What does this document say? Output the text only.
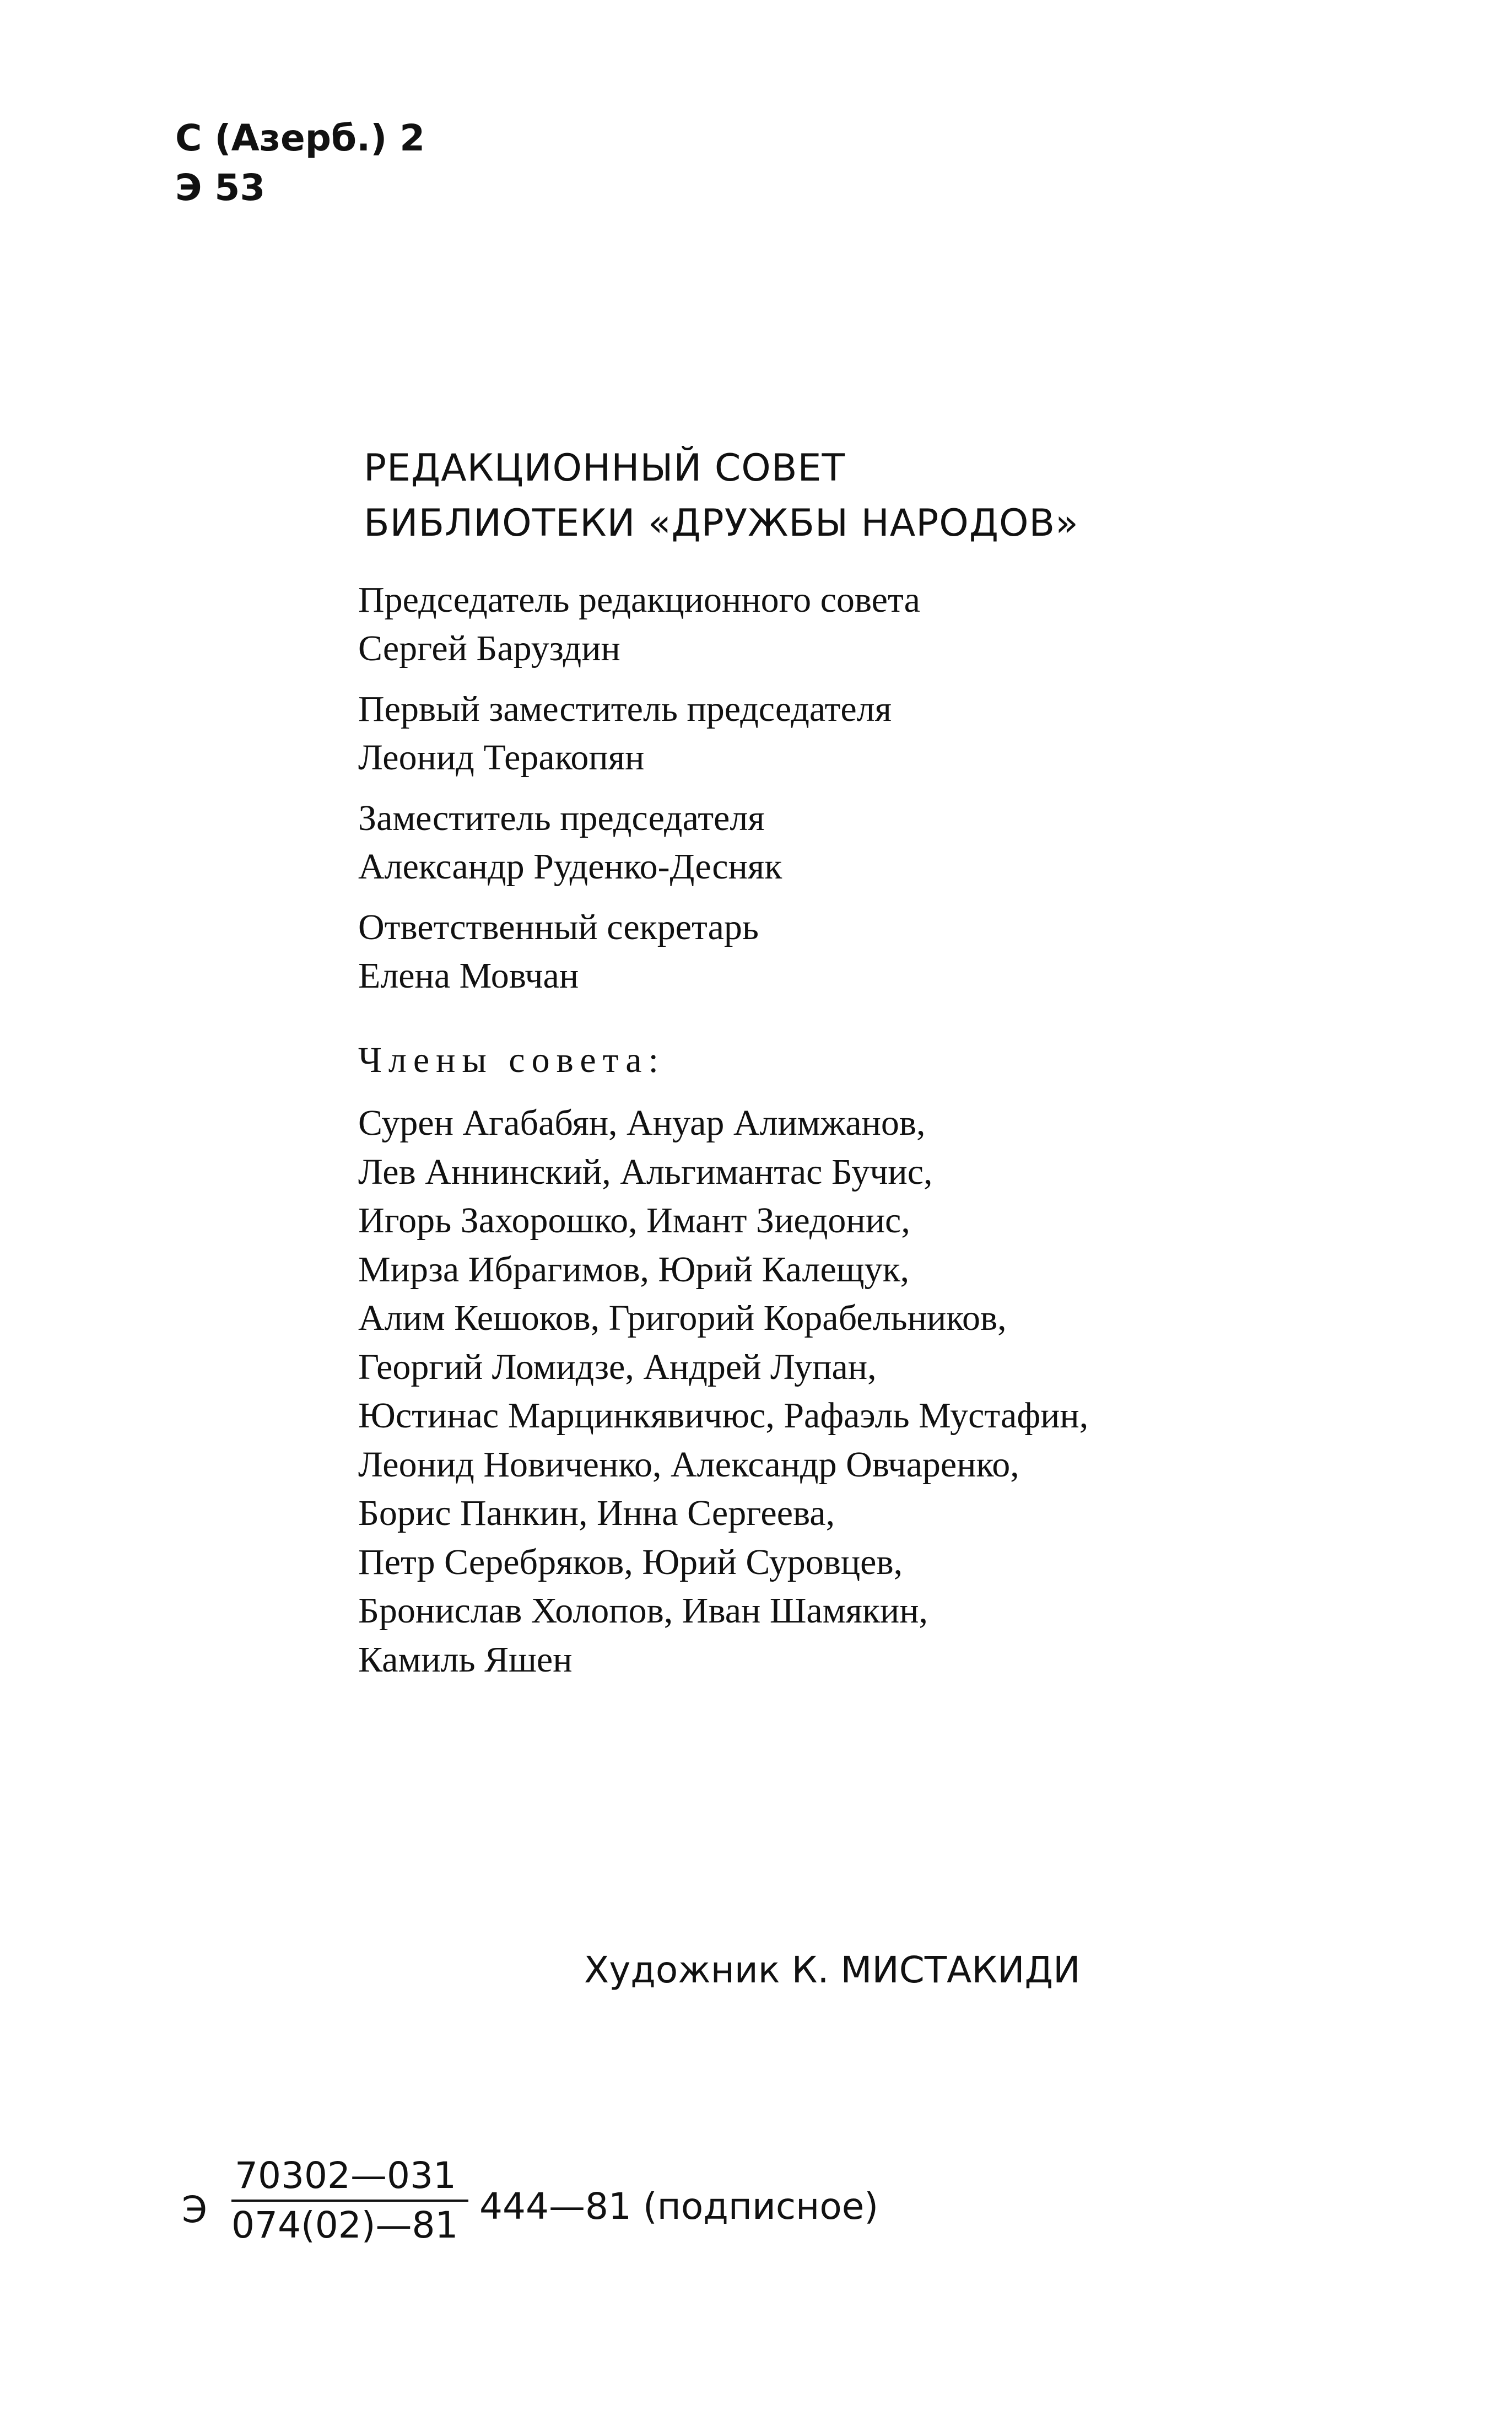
С (Азерб.) 2
Э 53
РЕДАКЦИОННЫЙ СОВЕТ
БИБЛИОТЕКИ «ДРУЖБЫ НАРОДОВ»
Председатель редакционного совета
Сергей Баруздин
Первый заместитель председателя
Леонид Теракопян
Заместитель председателя
Александр Руденко-Десняк
Ответственный секретарь
Елена Мовчан
Члены совета:
Сурен Агабабян, Ануар Алимжанов,
Лев Аннинский, Альгимантас Бучис,
Игорь Захорошко, Имант Зиедонис,
Мирза Ибрагимов, Юрий Калещук,
Алим Кешоков, Григорий Корабельников,
Георгий Ломидзе, Андрей Лупан,
Юстинас Марцинкявичюс, Рафаэль Мустафин,
Леонид Новиченко, Александр Овчаренко,
Борис Панкин, Инна Сергеева,
Петр Серебряков, Юрий Суровцев,
Бронислав Холопов, Иван Шамякин,
Камиль Яшен
Художник К. МИСТАКИДИ
Э
70302—031
074(02)—81 444—81 (подписное)
